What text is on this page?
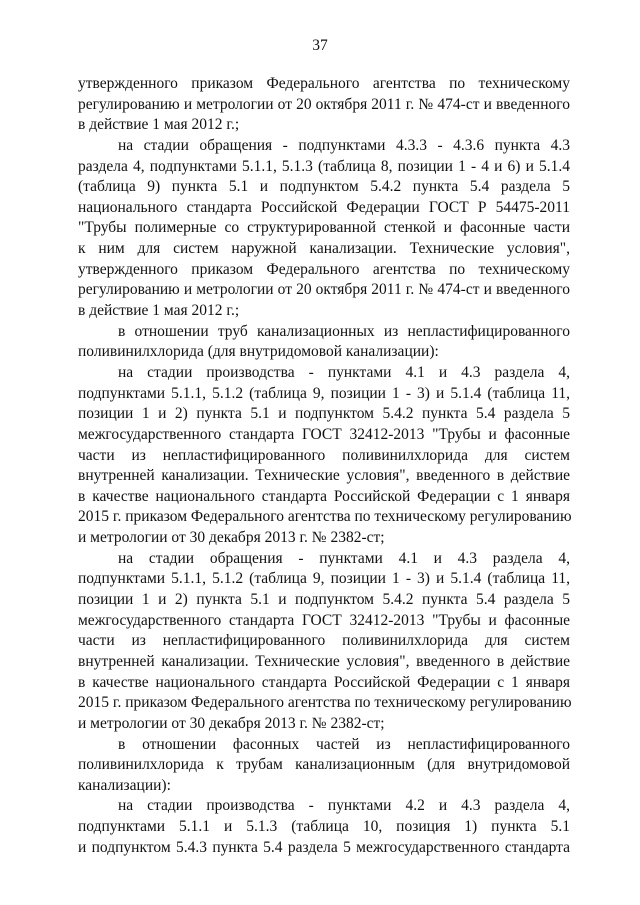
37
утвержденного приказом Федерального агентства по техническому
регулированию и метрологии от 20 октября 2011 г. № 474-ст и введенного
в действие 1 мая 2012 г.;
на стадии обращения - подпунктами 4.3.3 - 4.3.6 пункта 4.3
раздела 4, подпунктами 5.1.1, 5.1.3 (таблица 8, позиции 1 - 4 и 6) и 5.1.4
(таблица 9) пункта 5.1 и подпунктом 5.4.2 пункта 5.4 раздела 5
национального стандарта Российской Федерации ГОСТ Р 54475-2011
"Трубы полимерные со структурированной стенкой и фасонные части
к ним для систем наружной канализации. Технические условия",
утвержденного приказом Федерального агентства по техническому
регулированию и метрологии от 20 октября 2011 г. № 474-ст и введенного
в действие 1 мая 2012 г.;
в отношении труб канализационных из непластифицированного
поливинилхлорида (для внутридомовой канализации):
на стадии производства - пунктами 4.1 и 4.3 раздела 4,
подпунктами 5.1.1, 5.1.2 (таблица 9, позиции 1 - 3) и 5.1.4 (таблица 11,
позиции 1 и 2) пункта 5.1 и подпунктом 5.4.2 пункта 5.4 раздела 5
межгосударственного стандарта ГОСТ 32412-2013 "Трубы и фасонные
части из непластифицированного поливинилхлорида для систем
внутренней канализации. Технические условия", введенного в действие
в качестве национального стандарта Российской Федерации с 1 января
2015 г. приказом Федерального агентства по техническому регулированию
и метрологии от 30 декабря 2013 г. № 2382-ст;
на стадии обращения - пунктами 4.1 и 4.3 раздела 4,
подпунктами 5.1.1, 5.1.2 (таблица 9, позиции 1 - 3) и 5.1.4 (таблица 11,
позиции 1 и 2) пункта 5.1 и подпунктом 5.4.2 пункта 5.4 раздела 5
межгосударственного стандарта ГОСТ 32412-2013 "Трубы и фасонные
части из непластифицированного поливинилхлорида для систем
внутренней канализации. Технические условия", введенного в действие
в качестве национального стандарта Российской Федерации с 1 января
2015 г. приказом Федерального агентства по техническому регулированию
и метрологии от 30 декабря 2013 г. № 2382-ст;
в отношении фасонных частей из непластифицированного
поливинилхлорида к трубам канализационным (для внутридомовой
канализации):
на стадии производства - пунктами 4.2 и 4.3 раздела 4,
подпунктами 5.1.1 и 5.1.3 (таблица 10, позиция 1) пункта 5.1
и подпунктом 5.4.3 пункта 5.4 раздела 5 межгосударственного стандарта
